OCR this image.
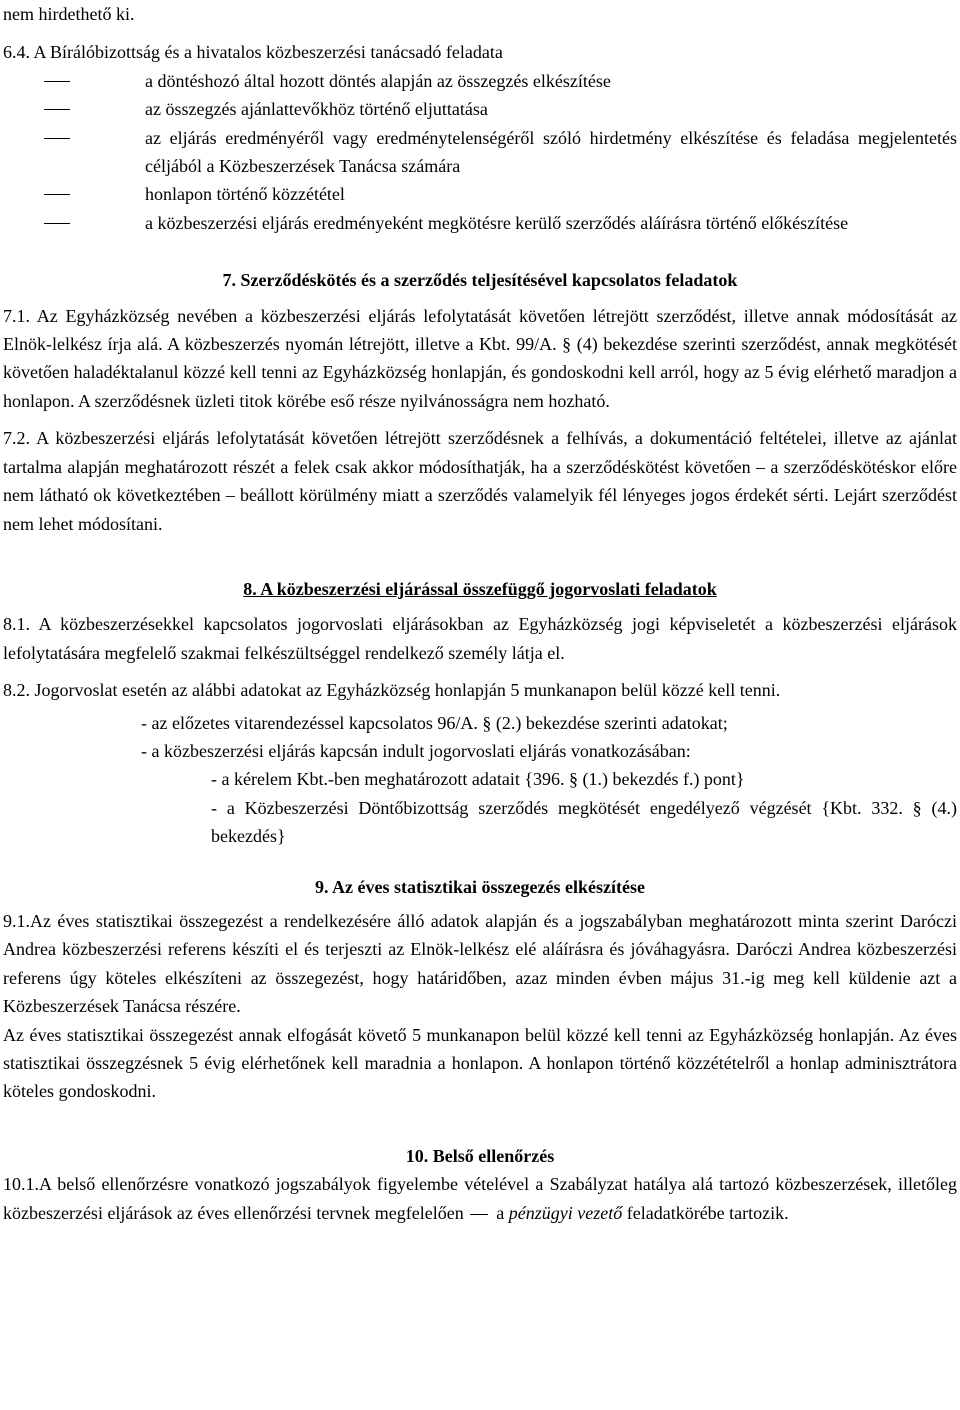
nem hirdethető ki.

6.4. A Bírálóbizottság és a hivatalos közbeszerzési tanácsadó feladata

a döntéshozó által hozott döntés alapján az összegzés elkészítése

az összegzés ajánlattevőkhöz történő eljuttatása

az eljárás eredményéről vagy eredménytelenségéről szóló hirdetmény elkészítése és feladása megjelentetés céljából a Közbeszerzések Tanácsa számára

honlapon történő közzététel

a közbeszerzési eljárás eredményeként megkötésre kerülő szerződés aláírásra történő előkészítése

7. Szerződéskötés és a szerződés teljesítésével kapcsolatos feladatok

7.1. Az Egyházközség nevében a közbeszerzési eljárás lefolytatását követően létrejött szerződést, illetve annak módosítását az Elnök-lelkész írja alá. A közbeszerzés nyomán létrejött, illetve a Kbt. 99/A. § (4) bekezdése szerinti szerződést, annak megkötését követően haladéktalanul közzé kell tenni az Egyházközség honlapján, és gondoskodni kell arról, hogy az 5 évig elérhető maradjon a honlapon. A szerződésnek üzleti titok körébe eső része nyilvánosságra nem hozható.

7.2. A közbeszerzési eljárás lefolytatását követően létrejött szerződésnek a felhívás, a dokumentáció feltételei, illetve az ajánlat tartalma alapján meghatározott részét a felek csak akkor módosíthatják, ha a szerződéskötést követően – a szerződéskötéskor előre nem látható ok következtében – beállott körülmény miatt a szerződés valamelyik fél lényeges jogos érdekét sérti. Lejárt szerződést nem lehet módosítani.

8. A közbeszerzési eljárással összefüggő jogorvoslati feladatok

8.1. A közbeszerzésekkel kapcsolatos jogorvoslati eljárásokban az Egyházközség jogi képviseletét a közbeszerzési eljárások lefolytatására megfelelő szakmai felkészültséggel rendelkező személy látja el.

8.2. Jogorvoslat esetén az alábbi adatokat az Egyházközség honlapján 5 munkanapon belül közzé kell tenni.

- az előzetes vitarendezéssel kapcsolatos 96/A. § (2.) bekezdése szerinti adatokat;

- a közbeszerzési eljárás kapcsán indult jogorvoslati eljárás vonatkozásában:

- a kérelem Kbt.-ben meghatározott adatait {396. § (1.) bekezdés f.) pont}

- a Közbeszerzési Döntőbizottság szerződés megkötését engedélyező végzését {Kbt. 332. § (4.) bekezdés}

9. Az éves statisztikai összegezés elkészítése

9.1.Az éves statisztikai összegezést a rendelkezésére álló adatok alapján és a jogszabályban meghatározott minta szerint Daróczi Andrea közbeszerzési referens készíti el és terjeszti az Elnök-lelkész elé aláírásra és jóváhagyásra. Daróczi Andrea közbeszerzési referens úgy köteles elkészíteni az összegezést, hogy határidőben, azaz minden évben május 31.-ig meg kell küldenie azt a Közbeszerzések Tanácsa részére.

Az éves statisztikai összegezést annak elfogását követő 5 munkanapon belül közzé kell tenni az Egyházközség honlapján. Az éves statisztikai összegzésnek 5 évig elérhetőnek kell maradnia a honlapon. A honlapon történő közzétételről a honlap adminisztrátora köteles gondoskodni.

10. Belső ellenőrzés

10.1.A belső ellenőrzésre vonatkozó jogszabályok figyelembe vételével a Szabályzat hatálya alá tartozó közbeszerzések, illetőleg közbeszerzési eljárások az éves ellenőrzési tervnek megfelelően a pénzügyi vezető feladatkörébe tartozik.
